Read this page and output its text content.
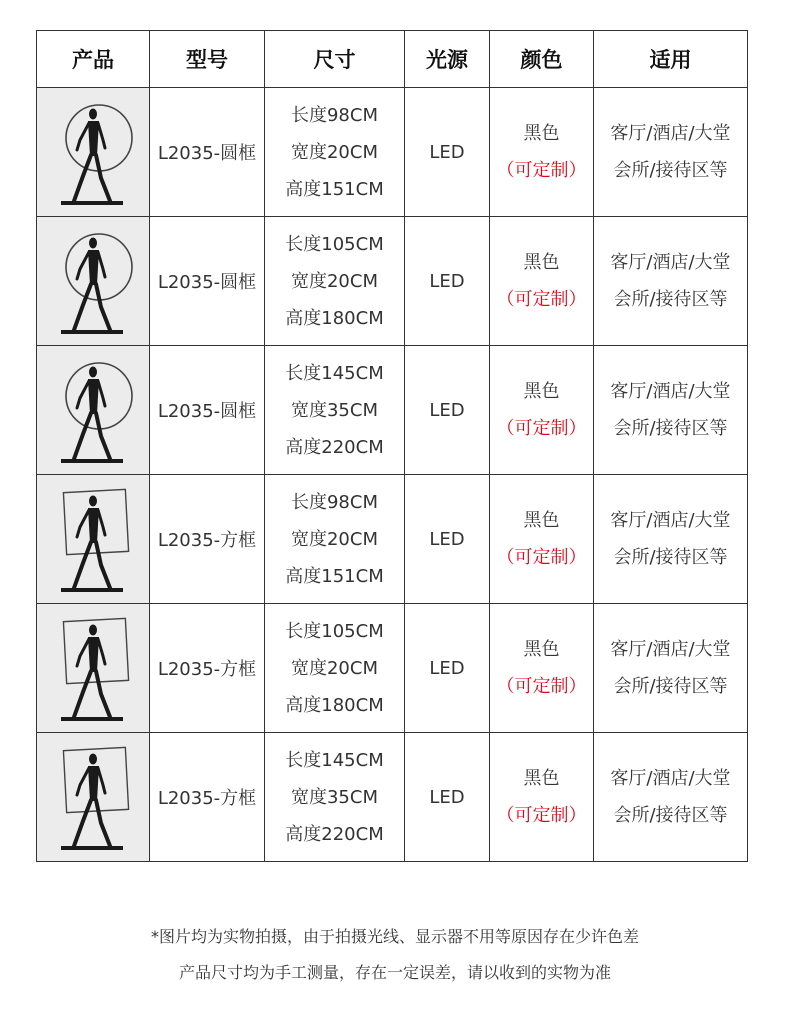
产品	型号	尺寸	光源	颜色	适用

	L2035-圆框	长度98CM
宽度20CM
高度151CM	LED	黑色
（可定制）	客厅/酒店/大堂
会所/接待区等

	L2035-圆框	长度105CM
宽度20CM
高度180CM	LED	黑色
（可定制）	客厅/酒店/大堂
会所/接待区等

	L2035-圆框	长度145CM
宽度35CM
高度220CM	LED	黑色
（可定制）	客厅/酒店/大堂
会所/接待区等

	L2035-方框	长度98CM
宽度20CM
高度151CM	LED	黑色
（可定制）	客厅/酒店/大堂
会所/接待区等

	L2035-方框	长度105CM
宽度20CM
高度180CM	LED	黑色
（可定制）	客厅/酒店/大堂
会所/接待区等

	L2035-方框	长度145CM
宽度35CM
高度220CM	LED	黑色
（可定制）	客厅/酒店/大堂
会所/接待区等
*图片均为实物拍摄，由于拍摄光线、显示器不用等原因存在少许色差
产品尺寸均为手工测量，存在一定误差，请以收到的实物为准
